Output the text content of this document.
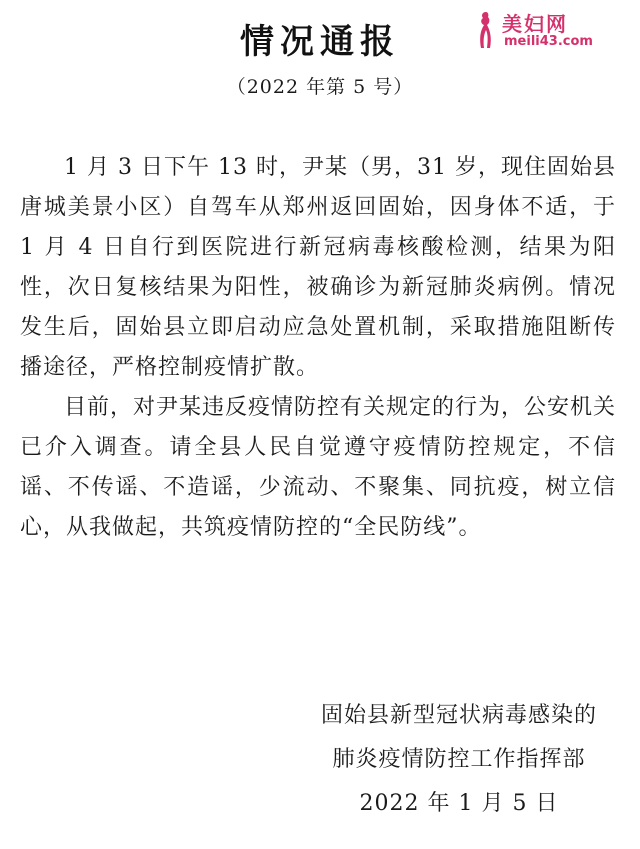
情况通报	美妇网
meili43.com
（2022 年第 5 号）

1 月 3 日下午 13 时，尹某（男，31 岁，现住固始县唐城美景小区）自驾车从郑州返回固始，因身体不适，于 1 月 4 日自行到医院进行新冠病毒核酸检测，结果为阳性，次日复核结果为阳性，被确诊为新冠肺炎病例。情况发生后，固始县立即启动应急处置机制，采取措施阻断传播途径，严格控制疫情扩散。

目前，对尹某违反疫情防控有关规定的行为，公安机关已介入调查。请全县人民自觉遵守疫情防控规定，不信谣、不传谣、不造谣，少流动、不聚集、同抗疫，树立信心，从我做起，共筑疫情防控的“全民防线”。

固始县新型冠状病毒感染的
肺炎疫情防控工作指挥部
2022 年 1 月 5 日
